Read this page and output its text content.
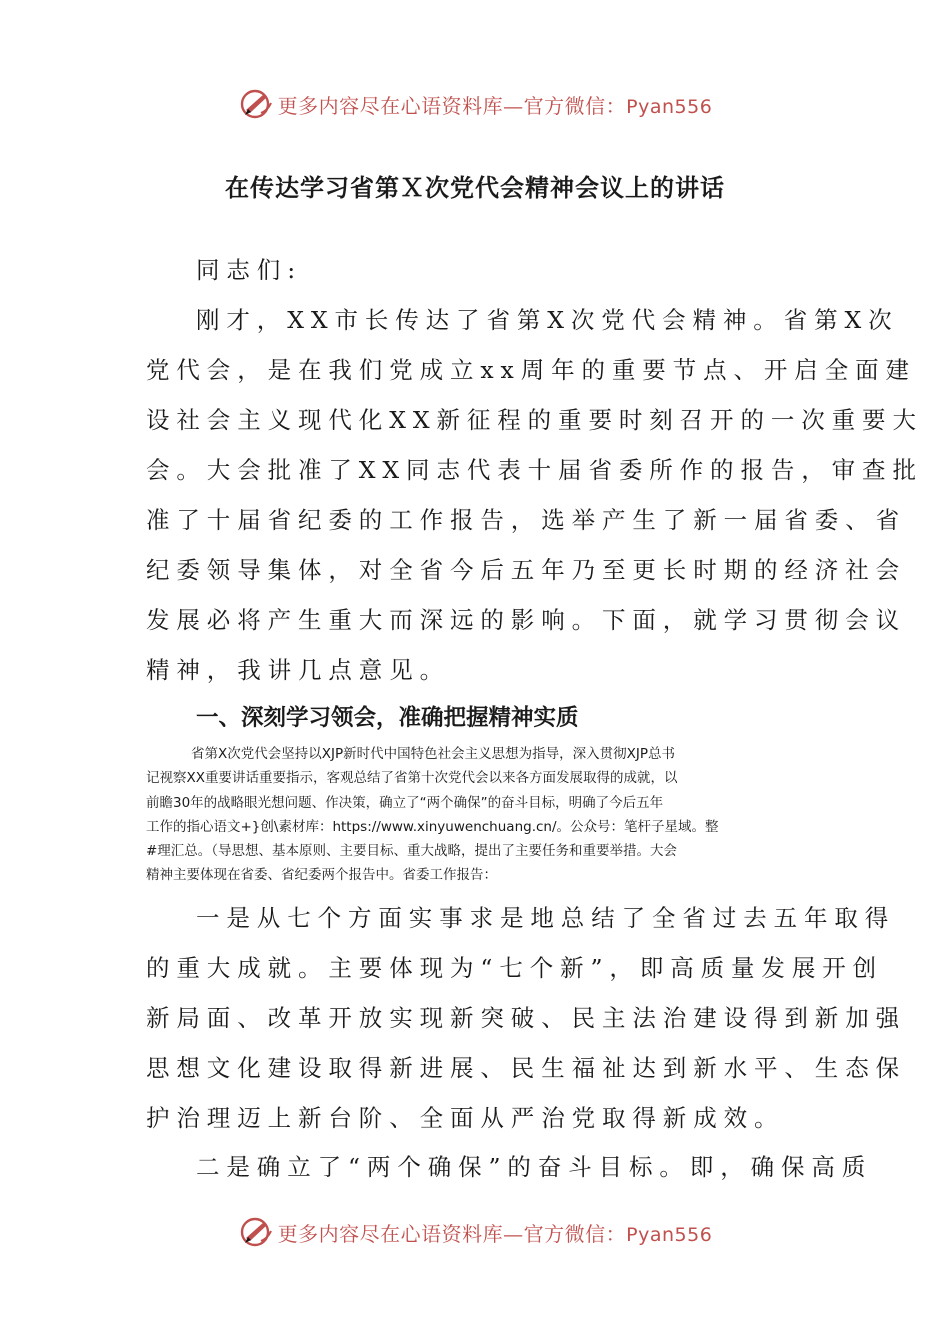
更多内容尽在心语资料库—官方微信：Pyan556
在传达学习省第Ｘ次党代会精神会议上的讲话

同志们:

刚才，XX市长传达了省第X次党代会精神。省第X次
党代会，是在我们党成立xx周年的重要节点、开启全面建
设社会主义现代化XX新征程的重要时刻召开的一次重要大
会。大会批准了XX同志代表十届省委所作的报告，审查批
准了十届省纪委的工作报告，选举产生了新一届省委、省
纪委领导集体，对全省今后五年乃至更长时期的经济社会
发展必将产生重大而深远的影响。下面，就学习贯彻会议
精神，我讲几点意见。
一、深刻学习领会，准确把握精神实质
省第X次党代会坚持以XJP新时代中国特色社会主义思想为指导，深入贯彻XJP总书
记视察XX重要讲话重要指示，客观总结了省第十次党代会以来各方面发展取得的成就，以
前瞻30年的战略眼光想问题、作决策，确立了“两个确保”的奋斗目标，明确了今后五年
工作的指心语文+}创\素材库：https://www.xinyuwenchuang.cn/。公众号：笔杆子星域。整
#理汇总。（导思想、基本原则、主要目标、重大战略，提出了主要任务和重要举措。大会
精神主要体现在省委、省纪委两个报告中。省委工作报告：
一是从七个方面实事求是地总结了全省过去五年取得
的重大成就。主要体现为“七个新”，即高质量发展开创
新局面、改革开放实现新突破、民主法治建设得到新加强
思想文化建设取得新进展、民生福祉达到新水平、生态保
护治理迈上新台阶、全面从严治党取得新成效。

二是确立了“两个确保”的奋斗目标。即，确保高质

更多内容尽在心语资料库—官方微信：Pyan556
